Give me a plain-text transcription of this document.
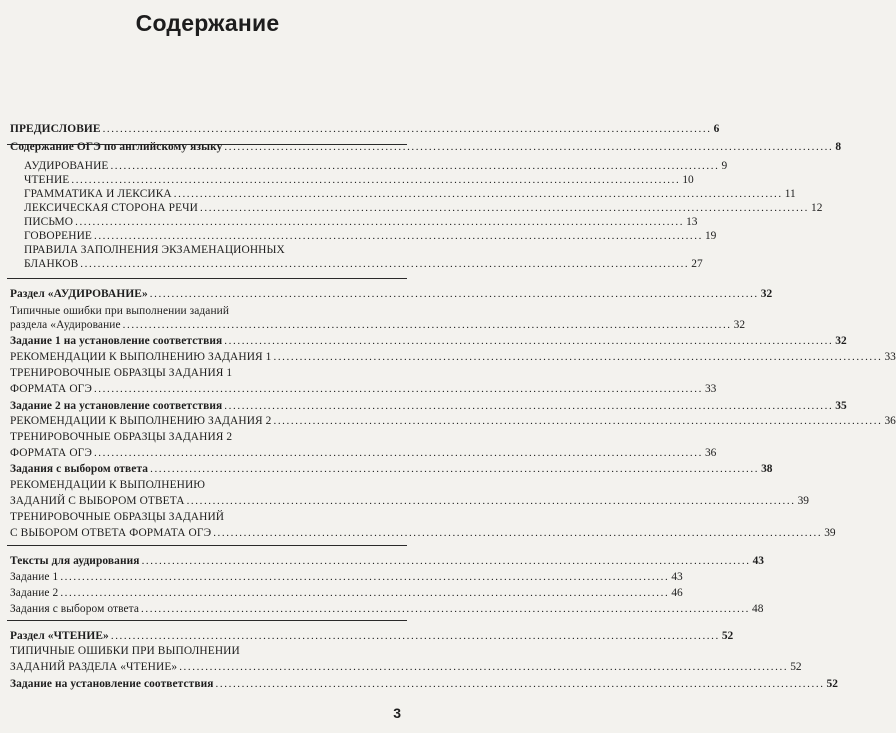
Содержание
ПРЕДИСЛОВИЕ ............................................................................................................................................ 6
Содержание ОГЭ по английскому языку ............................................................................................................................................ 8
АУДИРОВАНИЕ ............................................................................................................................................ 9
ЧТЕНИЕ ............................................................................................................................................ 10
ГРАММАТИКА И ЛЕКСИКА ............................................................................................................................................ 11
ЛЕКСИЧЕСКАЯ СТОРОНА РЕЧИ ............................................................................................................................................ 12
ПИСЬМО ............................................................................................................................................ 13
ГОВОРЕНИЕ ............................................................................................................................................ 19
ПРАВИЛА ЗАПОЛНЕНИЯ ЭКЗАМЕНАЦИОННЫХ
БЛАНКОВ ............................................................................................................................................ 27
Раздел «АУДИРОВАНИЕ» ............................................................................................................................................ 32
Типичные ошибки при выполнении заданий
раздела «Аудирование ............................................................................................................................................ 32
Задание 1 на установление соответствия ............................................................................................................................................ 32
РЕКОМЕНДАЦИИ К ВЫПОЛНЕНИЮ ЗАДАНИЯ 1 ............................................................................................................................................ 33
ТРЕНИРОВОЧНЫЕ ОБРАЗЦЫ ЗАДАНИЯ 1
ФОРМАТА ОГЭ ............................................................................................................................................ 33
Задание 2 на установление соответствия ............................................................................................................................................ 35
РЕКОМЕНДАЦИИ К ВЫПОЛНЕНИЮ ЗАДАНИЯ 2 ............................................................................................................................................ 36
ТРЕНИРОВОЧНЫЕ ОБРАЗЦЫ ЗАДАНИЯ 2
ФОРМАТА ОГЭ ............................................................................................................................................ 36
Задания с выбором ответа ............................................................................................................................................ 38
РЕКОМЕНДАЦИИ К ВЫПОЛНЕНИЮ
ЗАДАНИЙ С ВЫБОРОМ ОТВЕТА ............................................................................................................................................ 39
ТРЕНИРОВОЧНЫЕ ОБРАЗЦЫ ЗАДАНИЙ
С ВЫБОРОМ ОТВЕТА ФОРМАТА ОГЭ ............................................................................................................................................ 39
Тексты для аудирования ............................................................................................................................................ 43
Задание 1 ............................................................................................................................................ 43
Задание 2 ............................................................................................................................................ 46
Задания с выбором ответа ............................................................................................................................................ 48
Раздел «ЧТЕНИЕ» ............................................................................................................................................ 52
ТИПИЧНЫЕ ОШИБКИ ПРИ ВЫПОЛНЕНИИ
ЗАДАНИЙ РАЗДЕЛА «ЧТЕНИЕ» ............................................................................................................................................ 52
Задание на установление соответствия ............................................................................................................................................ 52
3
